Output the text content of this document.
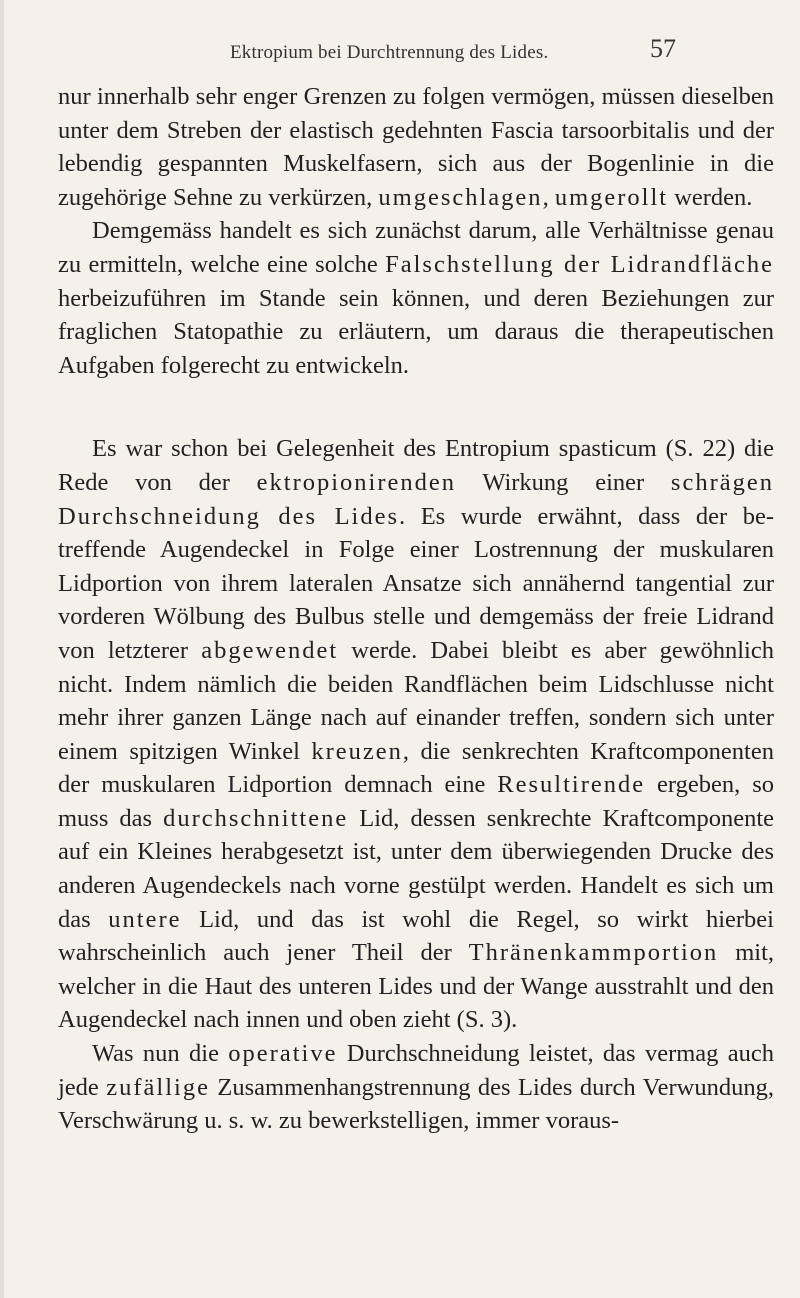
Ektropium bei Durchtrennung des Lides.	57

nur innerhalb sehr enger Grenzen zu folgen vermögen, müssen dieselben unter dem Streben der elastisch gedehnten Fascia tarsoorbitalis und der lebendig gespannten Muskelfasern, sich aus der Bogenlinie in die zugehörige Sehne zu verkürzen, umgeschlagen, umgerollt werden.

Demgemäss handelt es sich zunächst darum, alle Verhältnisse genau zu ermitteln, welche eine solche Falschstellung der Lidrandfläche herbeizuführen im Stande sein können, und deren Beziehungen zur fraglichen Statopathie zu erläutern, um daraus die therapeutischen Aufgaben folgerecht zu entwickeln.

Es war schon bei Gelegenheit des Entropium spasticum (S. 22) die Rede von der ektropionirenden Wirkung einer schrägen Durchschneidung des Lides. Es wurde erwähnt, dass der betreffende Augendeckel in Folge einer Lostrennung der muskularen Lidportion von ihrem lateralen Ansatze sich annähernd tangential zur vorderen Wölbung des Bulbus stelle und demgemäss der freie Lidrand von letzterer abgewendet werde. Dabei bleibt es aber gewöhnlich nicht. Indem nämlich die beiden Randflächen beim Lidschlusse nicht mehr ihrer ganzen Länge nach auf einander treffen, sondern sich unter einem spitzigen Winkel kreuzen, die senkrechten Kraftcomponenten der muskularen Lidportion demnach eine Resultirende ergeben, so muss das durchschnittene Lid, dessen senkrechte Kraftcomponente auf ein Kleines herabgesetzt ist, unter dem überwiegenden Drucke des anderen Augendeckels nach vorne gestülpt werden. Handelt es sich um das untere Lid, und das ist wohl die Regel, so wirkt hierbei wahrscheinlich auch jener Theil der Thränenkammportion mit, welcher in die Haut des unteren Lides und der Wange ausstrahlt und den Augendeckel nach innen und oben zieht (S. 3).

Was nun die operative Durchschneidung leistet, das vermag auch jede zufällige Zusammenhangstrennung des Lides durch Verwundung, Verschwärung u. s. w. zu bewerkstelligen, immer voraus-
